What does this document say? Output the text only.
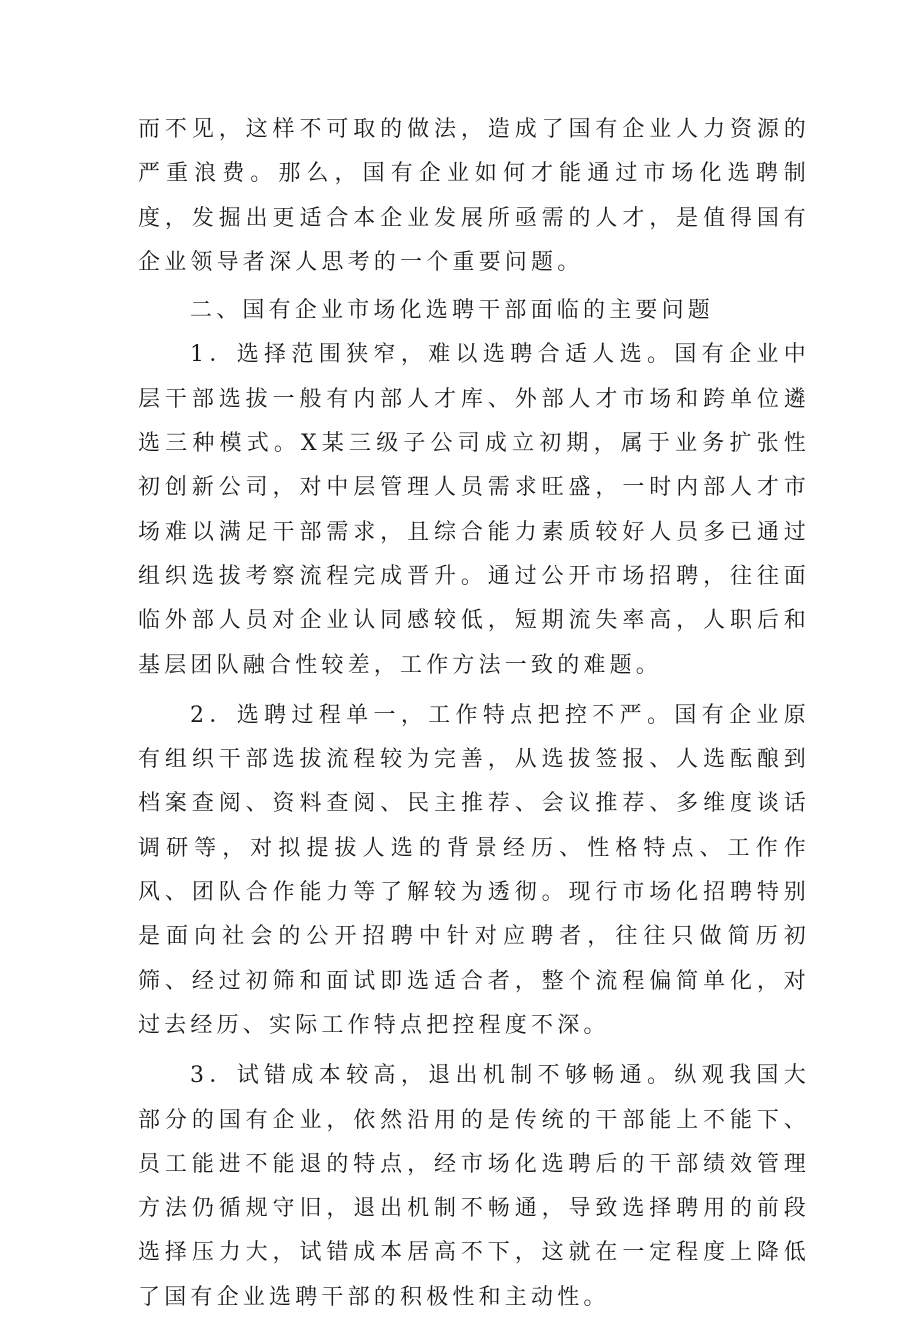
而不见，这样不可取的做法，造成了国有企业人力资源的严重浪费。那么，国有企业如何才能通过市场化选聘制度，发掘出更适合本企业发展所亟需的人才，是值得国有企业领导者深人思考的一个重要问题。

二、国有企业市场化选聘干部面临的主要问题

1．选择范围狭窄，难以选聘合适人选。国有企业中层干部选拔一般有内部人才库、外部人才市场和跨单位遴选三种模式。X某三级子公司成立初期，属于业务扩张性初创新公司，对中层管理人员需求旺盛，一时内部人才市场难以满足干部需求，且综合能力素质较好人员多已通过组织选拔考察流程完成晋升。通过公开市场招聘，往往面临外部人员对企业认同感较低，短期流失率高，人职后和基层团队融合性较差，工作方法一致的难题。

2．选聘过程单一，工作特点把控不严。国有企业原有组织干部选拔流程较为完善，从选拔签报、人选酝酿到档案查阅、资料查阅、民主推荐、会议推荐、多维度谈话调研等，对拟提拔人选的背景经历、性格特点、工作作风、团队合作能力等了解较为透彻。现行市场化招聘特别是面向社会的公开招聘中针对应聘者，往往只做简历初筛、经过初筛和面试即选适合者，整个流程偏简单化，对过去经历、实际工作特点把控程度不深。

3．试错成本较高，退出机制不够畅通。纵观我国大部分的国有企业，依然沿用的是传统的干部能上不能下、员工能进不能退的特点，经市场化选聘后的干部绩效管理方法仍循规守旧，退出机制不畅通，导致选择聘用的前段选择压力大，试错成本居高不下，这就在一定程度上降低了国有企业选聘干部的积极性和主动性。
